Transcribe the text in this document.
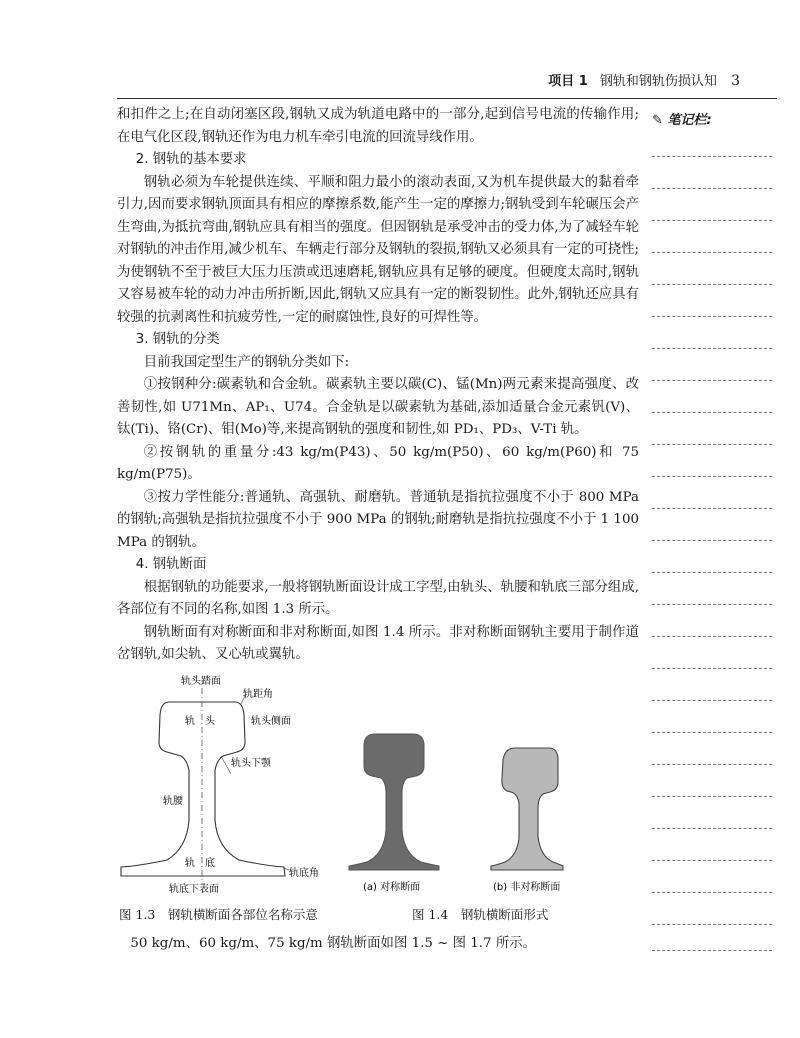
项目 1 钢轨和钢轨伤损认知 3

和扣件之上;在自动闭塞区段,钢轨又成为轨道电路中的一部分,起到信号电流的传输作用;在电气化区段,钢轨还作为电力机车牵引电流的回流导线作用。

2. 钢轨的基本要求

钢轨必须为车轮提供连续、平顺和阻力最小的滚动表面,又为机车提供最大的黏着牵引力,因而要求钢轨顶面具有相应的摩擦系数,能产生一定的摩擦力;钢轨受到车轮碾压会产生弯曲,为抵抗弯曲,钢轨应具有相当的强度。但因钢轨是承受冲击的受力体,为了减轻车轮对钢轨的冲击作用,减少机车、车辆走行部分及钢轨的裂损,钢轨又必须具有一定的可挠性;为使钢轨不至于被巨大压力压溃或迅速磨耗,钢轨应具有足够的硬度。但硬度太高时,钢轨又容易被车轮的动力冲击所折断,因此,钢轨又应具有一定的断裂韧性。此外,钢轨还应具有较强的抗剥离性和抗疲劳性,一定的耐腐蚀性,良好的可焊性等。

3. 钢轨的分类

目前我国定型生产的钢轨分类如下:

①按钢种分:碳素轨和合金轨。碳素轨主要以碳(C)、锰(Mn)两元素来提高强度、改善韧性,如 U71Mn、AP₁、U74。合金轨是以碳素轨为基础,添加适量合金元素钒(V)、钛(Ti)、铬(Cr)、钼(Mo)等,来提高钢轨的强度和韧性,如 PD₁、PD₃、V-Ti 轨。

②按钢轨的重量分:43 kg/m(P43)、50 kg/m(P50)、60 kg/m(P60)和 75 kg/m(P75)。

③按力学性能分:普通轨、高强轨、耐磨轨。普通轨是指抗拉强度不小于 800 MPa 的钢轨;高强轨是指抗拉强度不小于 900 MPa 的钢轨;耐磨轨是指抗拉强度不小于 1 100 MPa 的钢轨。

4. 钢轨断面

根据钢轨的功能要求,一般将钢轨断面设计成工字型,由轨头、轨腰和轨底三部分组成,各部位有不同的名称,如图 1.3 所示。

钢轨断面有对称断面和非对称断面,如图 1.4 所示。非对称断面钢轨主要用于制作道岔钢轨,如尖轨、叉心轨或翼轨。

✎ 笔记栏:
轨头踏面
轨距角
轨　头	轨头侧面
轨头下颚
轨腰
轨　底
轨底角
轨底下表面	(a) 对称断面	(b) 非对称断面
图 1.3　钢轨横断面各部位名称示意	图 1.4　钢轨横断面形式
50 kg/m、60 kg/m、75 kg/m 钢轨断面如图 1.5 ~ 图 1.7 所示。
